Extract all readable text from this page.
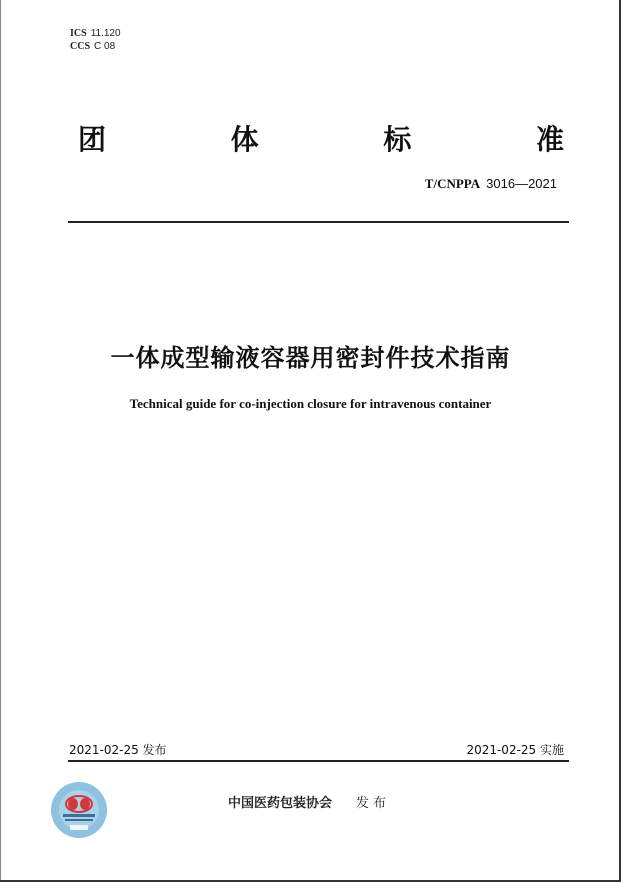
ICS 11.120
CCS C 08
团	体	标	准
T/CNPPA 3016—2021
一体成型输液容器用密封件技术指南
Technical guide for co-injection closure for intravenous container
2021-02-25 发布	2021-02-25 实施
中国医药包装协会 发布
